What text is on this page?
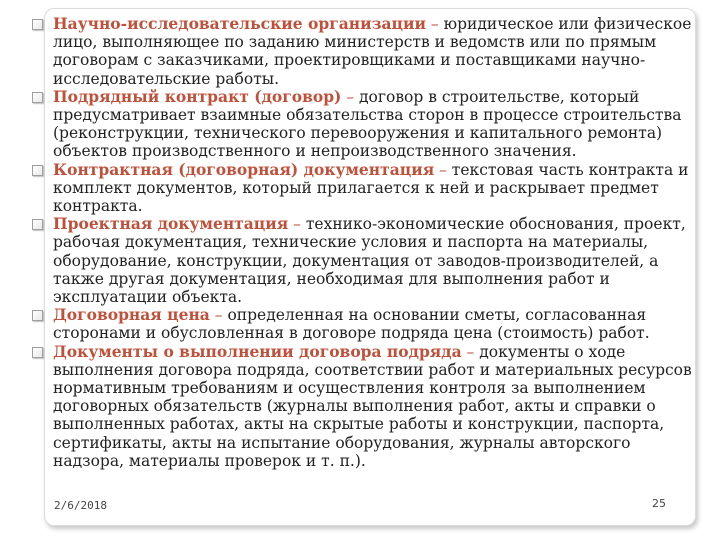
Научно-исследовательские организации – юридическое или физическое лицо, выполняющее по заданию министерств и ведомств или по прямым договорам с заказчиками, проектировщиками и поставщиками научно-исследовательские работы.

Подрядный контракт (договор) – договор в строительстве, который предусматривает взаимные обязательства сторон в процессе строительства (реконструкции, технического перевооружения и капитального ремонта) объектов производственного и непроизводственного значения.

Контрактная (договорная) документация – текстовая часть контракта и комплект документов, который прилагается к ней и раскрывает предмет контракта.

Проектная документация – технико-экономические обоснования, проект, рабочая документация, технические условия и паспорта на материалы, оборудование, конструкции, документация от заводов-производителей, а также другая документация, необходимая для выполнения работ и эксплуатации объекта.

Договорная цена – определенная на основании сметы, согласованная сторонами и обусловленная в договоре подряда цена (стоимость) работ.

Документы о выполнении договора подряда – документы о ходе выполнения договора подряда, соответствии работ и материальных ресурсов нормативным требованиям и осуществления контроля за выполнением договорных обязательств (журналы выполнения работ, акты и справки о выполненных работах, акты на скрытые работы и конструкции, паспорта, сертификаты, акты на испытание оборудования, журналы авторского надзора, материалы проверок и т. п.).

2/6/2018	25
